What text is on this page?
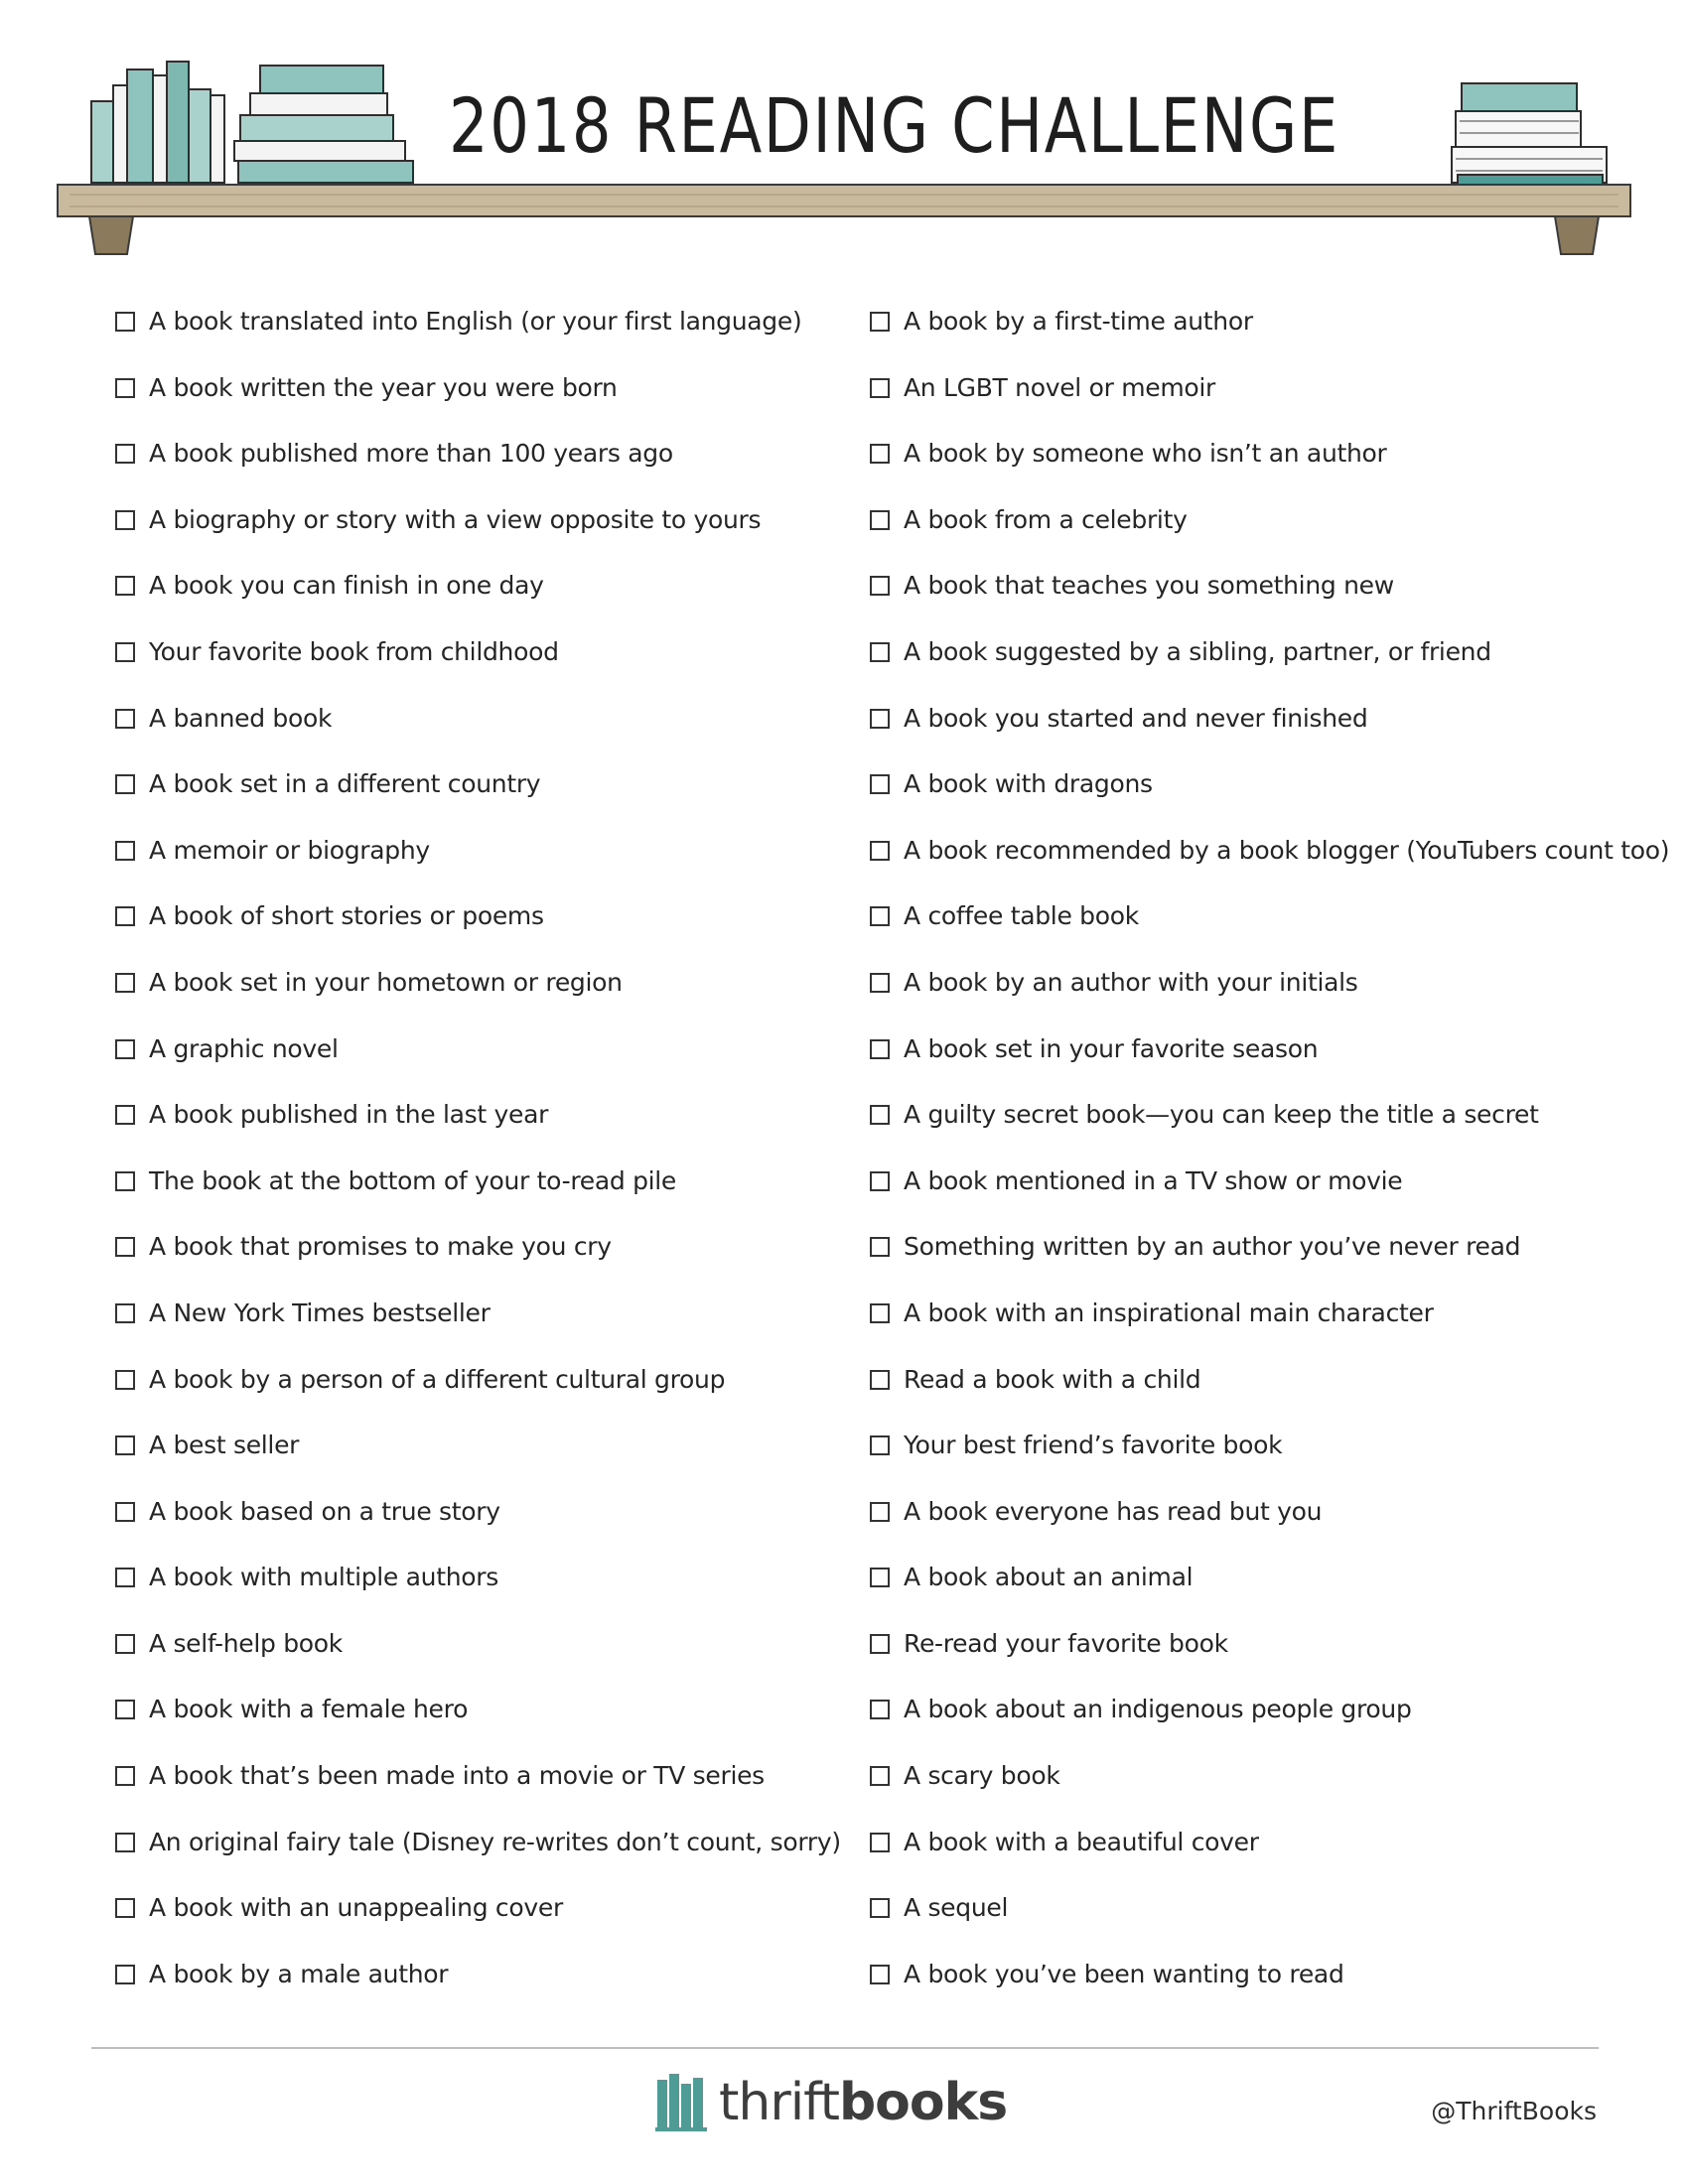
2018 READING CHALLENGE
A book translated into English (or your first language)
A book written the year you were born
A book published more than 100 years ago
A biography or story with a view opposite to yours
A book you can finish in one day
Your favorite book from childhood
A banned book
A book set in a different country
A memoir or biography
A book of short stories or poems
A book set in your hometown or region
A graphic novel
A book published in the last year
The book at the bottom of your to-read pile
A book that promises to make you cry
A New York Times bestseller
A book by a person of a different cultural group
A best seller
A book based on a true story
A book with multiple authors
A self-help book
A book with a female hero
A book that’s been made into a movie or TV series
An original fairy tale (Disney re-writes don’t count, sorry)
A book with an unappealing cover
A book by a male author
A book by a first-time author
An LGBT novel or memoir
A book by someone who isn’t an author
A book from a celebrity
A book that teaches you something new
A book suggested by a sibling, partner, or friend
A book you started and never finished
A book with dragons
A book recommended by a book blogger (YouTubers count too)
A coffee table book
A book by an author with your initials
A book set in your favorite season
A guilty secret book—you can keep the title a secret
A book mentioned in a TV show or movie
Something written by an author you’ve never read
A book with an inspirational main character
Read a book with a child
Your best friend’s favorite book
A book everyone has read but you
A book about an animal
Re-read your favorite book
A book about an indigenous people group
A scary book
A book with a beautiful cover
A sequel
A book you’ve been wanting to read
thriftbooks	@ThriftBooks
